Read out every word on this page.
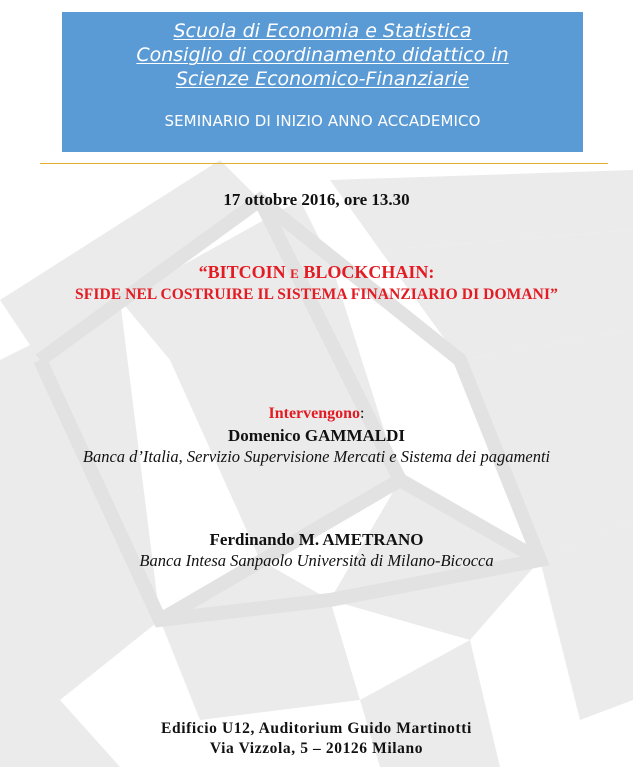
Scuola di Economia e Statistica
Consiglio di coordinamento didattico in
Scienze Economico-Finanziarie
SEMINARIO DI INIZIO ANNO ACCADEMICO
17 ottobre 2016, ore 13.30
“BITCOIN E BLOCKCHAIN:
SFIDE NEL COSTRUIRE IL SISTEMA FINANZIARIO DI DOMANI”
Intervengono:
Domenico GAMMALDI
Banca d’Italia, Servizio Supervisione Mercati e Sistema dei pagamenti
Ferdinando M. AMETRANO
Banca Intesa Sanpaolo Università di Milano-Bicocca
Edificio U12, Auditorium Guido Martinotti
Via Vizzola, 5 – 20126 Milano
